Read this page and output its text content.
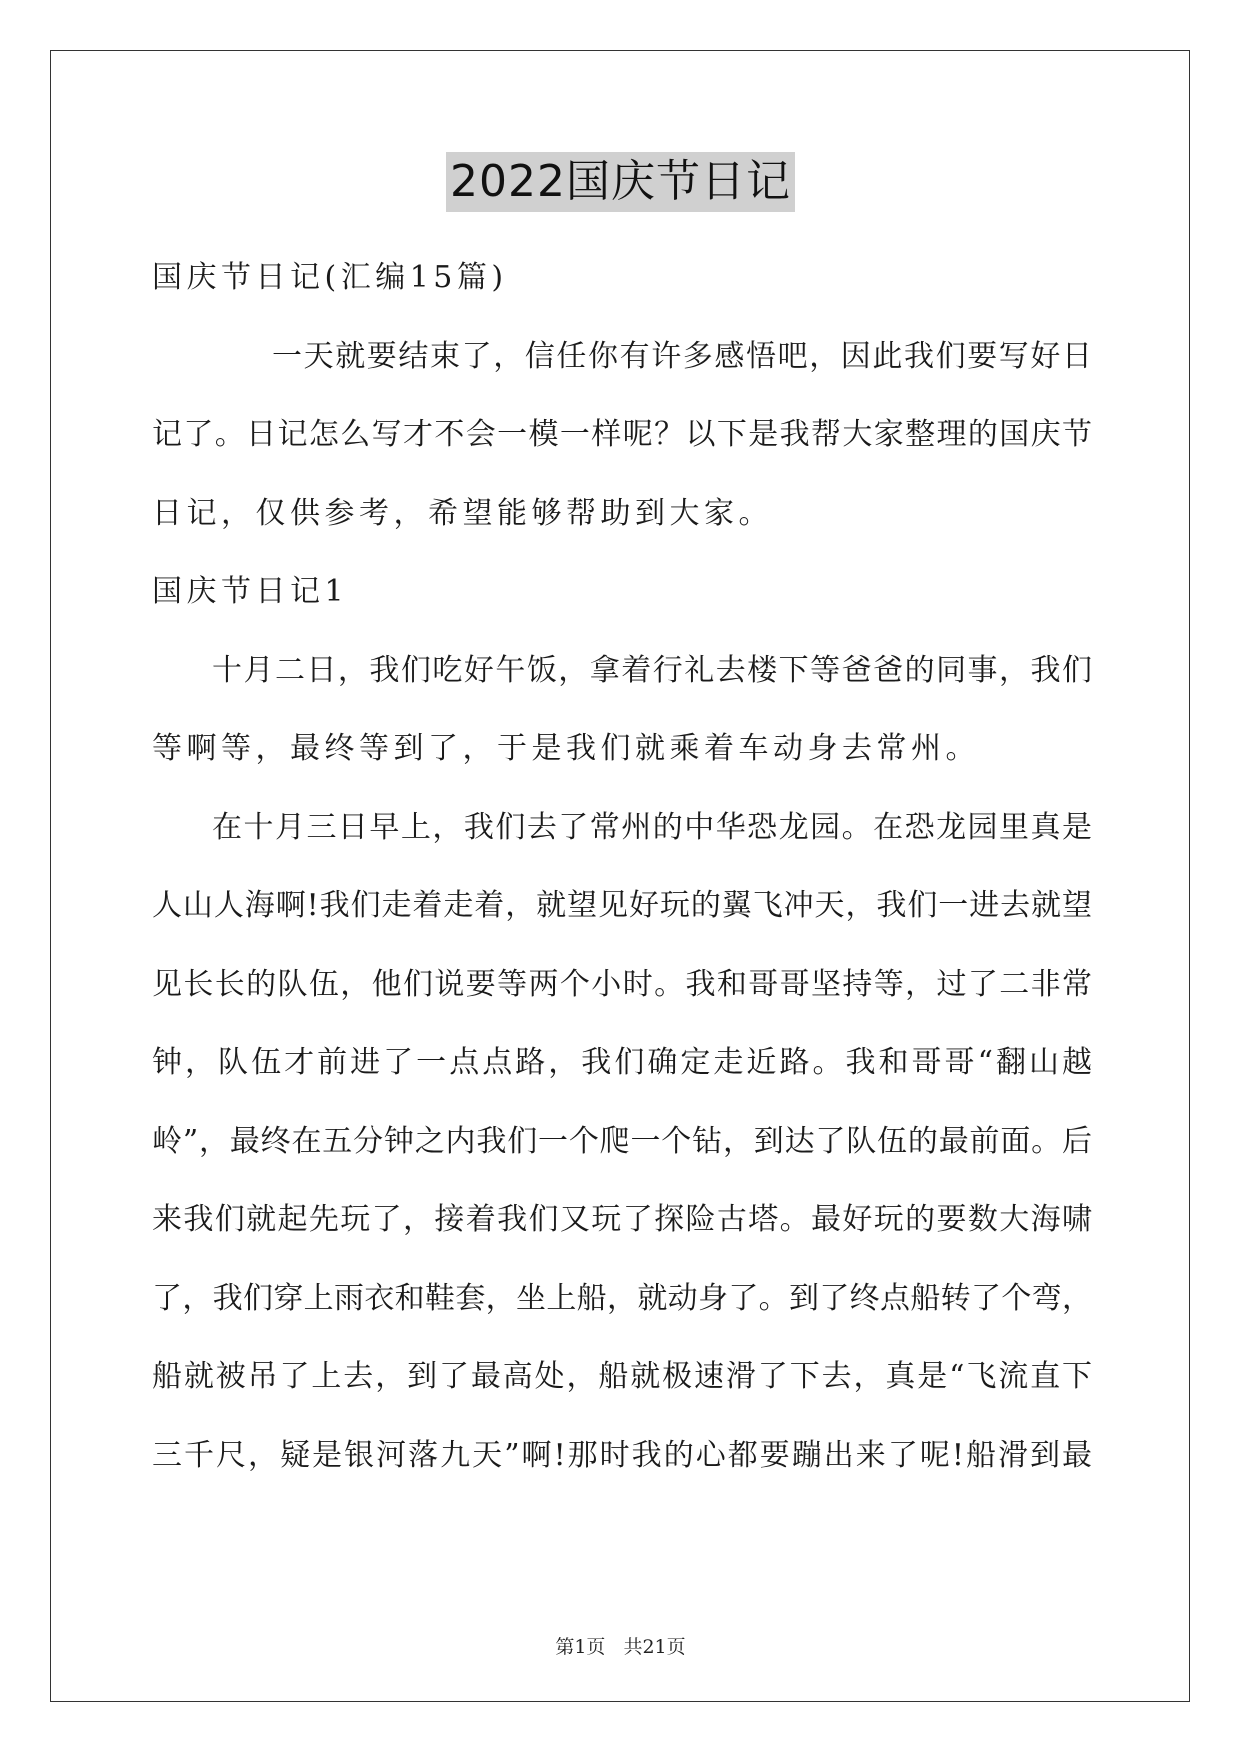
2022国庆节日记
国庆节日记(汇编15篇)
一天就要结束了，信任你有许多感悟吧，因此我们要写好日
记了。日记怎么写才不会一模一样呢？以下是我帮大家整理的国庆节
日记，仅供参考，希望能够帮助到大家。
国庆节日记1
十月二日，我们吃好午饭，拿着行礼去楼下等爸爸的同事，我们
等啊等，最终等到了，于是我们就乘着车动身去常州。
在十月三日早上，我们去了常州的中华恐龙园。在恐龙园里真是
人山人海啊!我们走着走着，就望见好玩的翼飞冲天，我们一进去就望
见长长的队伍，他们说要等两个小时。我和哥哥坚持等，过了二非常
钟，队伍才前进了一点点路，我们确定走近路。我和哥哥“翻山越
岭”，最终在五分钟之内我们一个爬一个钻，到达了队伍的最前面。后
来我们就起先玩了，接着我们又玩了探险古塔。最好玩的要数大海啸
了，我们穿上雨衣和鞋套，坐上船，就动身了。到了终点船转了个弯，
船就被吊了上去，到了最高处，船就极速滑了下去，真是“飞流直下
三千尺，疑是银河落九天”啊!那时我的心都要蹦出来了呢!船滑到最
第1页 共21页
